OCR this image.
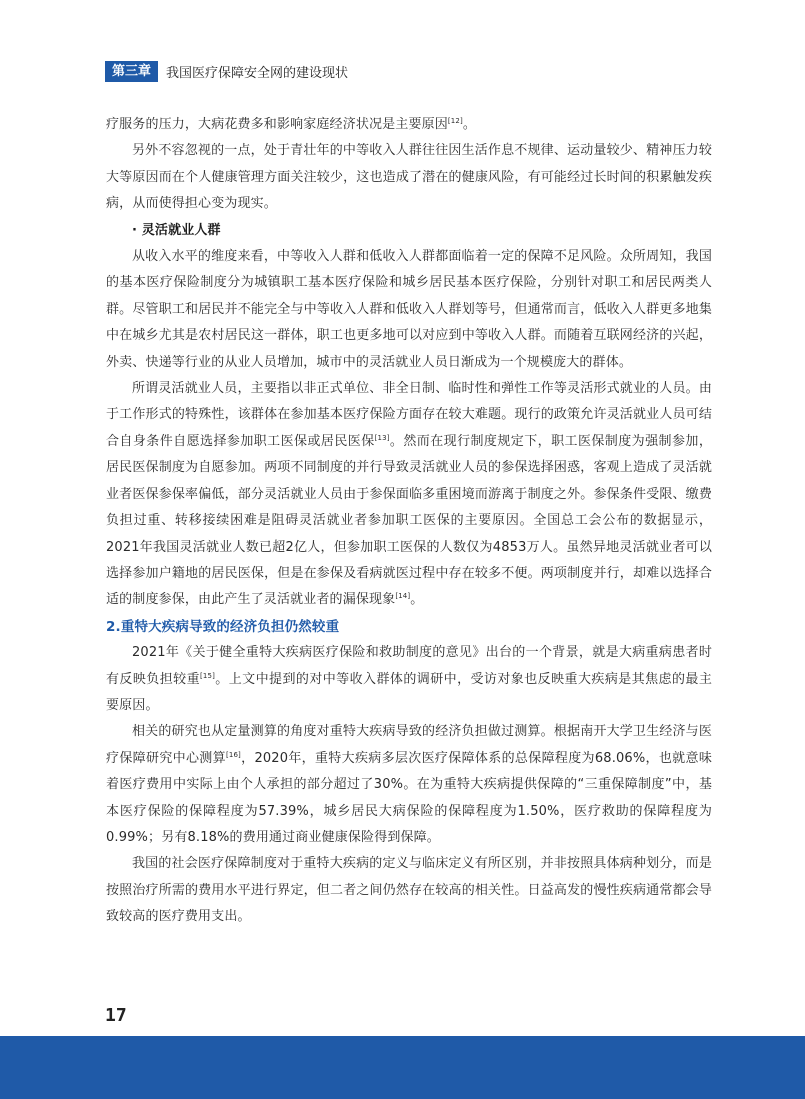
第三章	我国医疗保障安全网的建设现状

疗服务的压力，大病花费多和影响家庭经济状况是主要原因[12]。

另外不容忽视的一点，处于青壮年的中等收入人群往往因生活作息不规律、运动量较少、精神压力较大等原因而在个人健康管理方面关注较少，这也造成了潜在的健康风险，有可能经过长时间的积累触发疾病，从而使得担心变为现实。

· 灵活就业人群

从收入水平的维度来看，中等收入人群和低收入人群都面临着一定的保障不足风险。众所周知，我国的基本医疗保险制度分为城镇职工基本医疗保险和城乡居民基本医疗保险，分别针对职工和居民两类人群。尽管职工和居民并不能完全与中等收入人群和低收入人群划等号，但通常而言，低收入人群更多地集中在城乡尤其是农村居民这一群体，职工也更多地可以对应到中等收入人群。而随着互联网经济的兴起，外卖、快递等行业的从业人员增加，城市中的灵活就业人员日渐成为一个规模庞大的群体。

所谓灵活就业人员，主要指以非正式单位、非全日制、临时性和弹性工作等灵活形式就业的人员。由于工作形式的特殊性，该群体在参加基本医疗保险方面存在较大难题。现行的政策允许灵活就业人员可结合自身条件自愿选择参加职工医保或居民医保[13]。然而在现行制度规定下，职工医保制度为强制参加，居民医保制度为自愿参加。两项不同制度的并行导致灵活就业人员的参保选择困惑，客观上造成了灵活就业者医保参保率偏低，部分灵活就业人员由于参保面临多重困境而游离于制度之外。参保条件受限、缴费负担过重、转移接续困难是阻碍灵活就业者参加职工医保的主要原因。全国总工会公布的数据显示，2021年我国灵活就业人数已超2亿人，但参加职工医保的人数仅为4853万人。虽然异地灵活就业者可以选择参加户籍地的居民医保，但是在参保及看病就医过程中存在较多不便。两项制度并行，却难以选择合适的制度参保，由此产生了灵活就业者的漏保现象[14]。

2.重特大疾病导致的经济负担仍然较重

2021年《关于健全重特大疾病医疗保险和救助制度的意见》出台的一个背景，就是大病重病患者时有反映负担较重[15]。上文中提到的对中等收入群体的调研中，受访对象也反映重大疾病是其焦虑的最主要原因。

相关的研究也从定量测算的角度对重特大疾病导致的经济负担做过测算。根据南开大学卫生经济与医疗保障研究中心测算[16]，2020年，重特大疾病多层次医疗保障体系的总保障程度为68.06%，也就意味着医疗费用中实际上由个人承担的部分超过了30%。在为重特大疾病提供保障的“三重保障制度”中，基本医疗保险的保障程度为57.39%，城乡居民大病保险的保障程度为1.50%，医疗救助的保障程度为0.99%；另有8.18%的费用通过商业健康保险得到保障。

我国的社会医疗保障制度对于重特大疾病的定义与临床定义有所区别，并非按照具体病种划分，而是按照治疗所需的费用水平进行界定，但二者之间仍然存在较高的相关性。日益高发的慢性疾病通常都会导致较高的医疗费用支出。

17
